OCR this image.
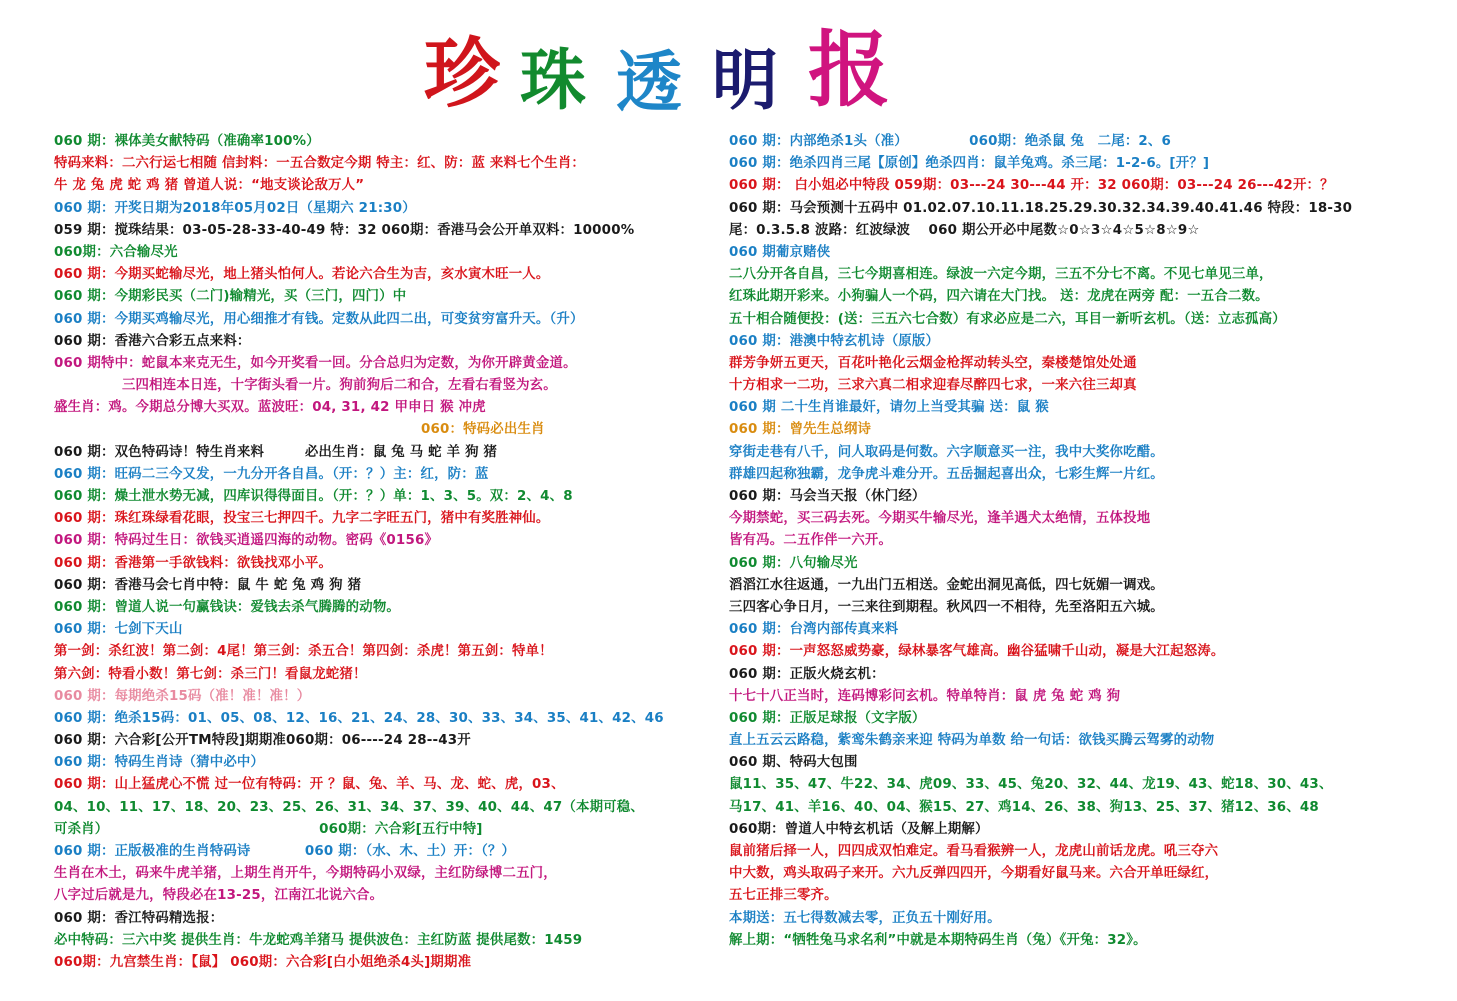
珍 珠 透 明 报
060 期：裸体美女献特码（准确率100%）
特码来料：二六行运七相随 信封料：一五合数定今期 特主：红、防：蓝 来料七个生肖：
牛 龙 兔 虎 蛇 鸡 猪 曾道人说：“地支谈论敌万人”
060 期：开奖日期为2018年05月02日（星期六 21:30）
059 期：搅珠结果：03-05-28-33-40-49 特：32 060期：香港马会公开单双料：10000%
060期：六合输尽光
060 期：今期买蛇输尽光，地上猪头怕何人。若论六合生为吉，亥水寅木旺一人。
060 期：今期彩民买（二门)输精光，买（三门，四门）中
060 期：今期买鸡输尽光，用心细推才有钱。定数从此四二出，可变贫穷富升天。（升）
060 期：香港六合彩五点来料：
060 期特中：蛇鼠本来克无生，如今开奖看一回。分合总归为定数，为你开辟黄金道。
　　　　　三四相连本日连，十字街头看一片。狗前狗后二和合，左看右看竖为玄。
盛生肖：鸡。今期总分博大买双。蓝波旺：04, 31, 42 甲申日 猴 冲虎
　　　　　　　　　　　　　　　　　　　　　　　　　　　060：特码必出生肖
060 期：双色特码诗！特生肖来料　　　必出生肖：鼠 兔 马 蛇 羊 狗 猪
060 期：旺码二三今又发，一九分开各自昌。（开：？）主：红，防：蓝
060 期：燥土泄水势无减，四库识得得面目。（开：？）单：1、3、5。双：2、4、8
060 期：珠红珠绿看花眼，投宝三七押四千。九字二字旺五门，猪中有奖胜神仙。
060 期：特码过生日：欲钱买逍遥四海的动物。密码《0156》
060 期：香港第一手欲钱料：欲钱找邓小平。
060 期：香港马会七肖中特：鼠 牛 蛇 兔 鸡 狗 猪
060 期：曾道人说一句赢钱诀：爱钱去杀气腾腾的动物。
060 期：七剑下天山
第一剑：杀红波！第二剑：4尾！第三剑：杀五合！第四剑：杀虎！第五剑：特单！
第六剑：特看小数！第七剑：杀三门！看鼠龙蛇猪！
060 期：每期绝杀15码（准！准！准！）
060 期：绝杀15码：01、05、08、12、16、21、24、28、30、33、34、35、41、42、46
060 期：六合彩[公开TM特段]期期准060期：06----24 28--43开
060 期：特码生肖诗（猜中必中）
060 期：山上猛虎心不慌 过一位有特码：开 ？鼠、兔、羊、马、龙、蛇、虎，03、
04、10、11、17、18、20、23、25、26、31、34、37、39、40、44、47（本期可稳、
可杀肖）　　　　　　　　　　　　　　　　060期：六合彩[五行中特]
060 期：正版极准的生肖特码诗　　　　060 期：（水、木、土）开：（？）
生肖在木土，码来牛虎羊猪，上期生肖开牛，今期特码小双绿，主红防绿博二五门，
八字过后就是九，特段必在13-25，江南江北说六合。
060 期：香江特码精选报：
必中特码：三六中奖 提供生肖：牛龙蛇鸡羊猪马 提供波色：主红防蓝 提供尾数：1459
060期：九宫禁生肖：【鼠】 060期：六合彩[白小姐绝杀4头]期期准
060 期：内部绝杀1头（准）　　　　　060期：绝杀鼠 兔　二尾：2、6
060 期：绝杀四肖三尾【原创】绝杀四肖：鼠羊兔鸡。杀三尾：1-2-6。[开？]
060 期： 白小姐必中特段 059期：03---24 30---44 开：32 060期：03---24 26---42开：？
060 期：马会预测十五码中 01.02.07.10.11.18.25.29.30.32.34.39.40.41.46 特段：18-30
尾：0.3.5.8 波路：红波绿波　 060 期公开必中尾数☆0☆3☆4☆5☆8☆9☆
060 期葡京赌侠
二八分开各自昌，三七今期喜相连。绿波一六定今期，三五不分七不离。不见七单见三单，
红珠此期开彩来。小狗骗人一个码，四六请在大门找。 送：龙虎在两旁 配：一五合二数。
五十相合随便投：(送：三五六七合数）有求必应是二六，耳目一新听玄机。（送：立志孤高）
060 期：港澳中特玄机诗（原版）
群芳争妍五更天，百花叶艳化云烟金枪挥动转头空，秦楼楚馆处处通
十方相求一二功，三求六真二相求迎春尽醉四七求，一来六往三却真
060 期 二十生肖谁最奸，请勿上当受其骗 送：鼠 猴
060 期：曾先生总纲诗
穿街走巷有八千，问人取码是何数。六字顺意买一注，我中大奖你吃醋。
群雄四起称独霸，龙争虎斗难分开。五岳掘起喜出众，七彩生辉一片红。
060 期：马会当天报（休门经）
今期禁蛇，买三码去死。今期买牛输尽光，逢羊遇犬太绝情，五体投地
皆有冯。二五作伴一六开。
060 期：八句输尽光
滔滔江水往返通，一九出门五相送。金蛇出洞见高低，四七妩媚一调戏。
三四客心争日月，一三来往到期程。秋风四一不相待，先至洛阳五六城。
060 期：台湾内部传真来料
060 期：一声怒怒威势豪，绿林暴客气雄高。幽谷猛啸千山动，凝是大江起怒涛。
060 期：正版火烧玄机：
十七十八正当时，连码博彩问玄机。特单特肖：鼠 虎 兔 蛇 鸡 狗
060 期：正版足球报（文字版）
直上五云云路稳，紫鸾朱鹤亲来迎 特码为单数 给一句话：欲钱买腾云驾雾的动物
060 期、特码大包围
鼠11、35、47、牛22、34、虎09、33、45、兔20、32、44、龙19、43、蛇18、30、43、
马17、41、羊16、40、04、猴15、27、鸡14、26、38、狗13、25、37、猪12、36、48
060期：曾道人中特玄机话（及解上期解）
鼠前猪后择一人，四四成双怕难定。看马看猴辨一人，龙虎山前话龙虎。吼三夺六
中大数，鸡头取码子来开。六九反弹四四开，今期看好鼠马来。六合开单旺绿红，
五七正排三零齐。
本期送：五七得数减去零，正负五十刚好用。
解上期：“牺牲兔马求名利”中就是本期特码生肖（兔）《开兔：32》。
